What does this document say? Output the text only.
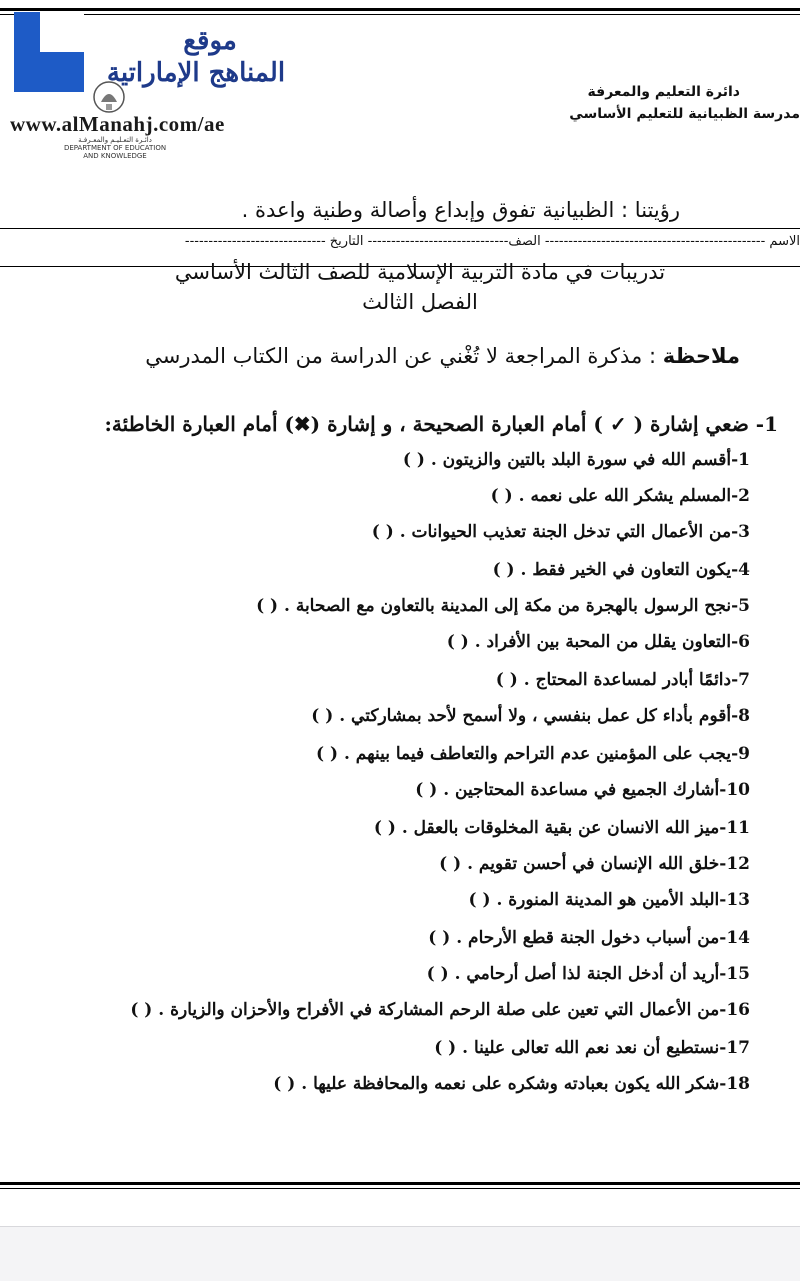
موقع
المناهج الإماراتية
www.alManahj.com/ae
دائـرة التعـليـم والمعـرفـة
DEPARTMENT OF EDUCATION
AND KNOWLEDGE
دائرة التعليم والمعرفة
مدرسة الظبيانية للتعليم الأساسي
رؤيتنا : الظبيانية تفوق وإبداع وأصالة وطنية واعدة .
الاسم ----------------------------------------------- الصف------------------------------ التاريخ ------------------------------
تدريبات في مادة التربية الإسلامية للصف الثالث الأساسي
الفصل الثالث
ملاحظة : مذكرة المراجعة لا تُغْني عن الدراسة من الكتاب المدرسي
1- ضعي إشارة ( ✓ ) أمام العبارة الصحيحة ، و إشارة (✖) أمام العبارة الخاطئة:
1-أقسم الله في سورة البلد بالتين والزيتون . ( )
2-المسلم يشكر الله على نعمه . ( )
3-من الأعمال التي تدخل الجنة تعذيب الحيوانات . ( )
4-يكون التعاون في الخير فقط . ( )
5-نجح الرسول بالهجرة من مكة إلى المدينة بالتعاون مع الصحابة . ( )
6-التعاون يقلل من المحبة بين الأفراد . ( )
7-دائمًا أبادر لمساعدة المحتاج . ( )
8-أقوم بأداء كل عمل بنفسي ، ولا أسمح لأحد بمشاركتي . ( )
9-يجب على المؤمنين عدم التراحم والتعاطف فيما بينهم . ( )
10-أشارك الجميع في مساعدة المحتاجين . ( )
11-ميز الله الانسان عن بقية المخلوقات بالعقل . ( )
12-خلق الله الإنسان في أحسن تقويم . ( )
13-البلد الأمين هو المدينة المنورة . ( )
14-من أسباب دخول الجنة قطع الأرحام . ( )
15-أريد أن أدخل الجنة لذا أصل أرحامي . ( )
16-من الأعمال التي تعين على صلة الرحم المشاركة في الأفراح والأحزان والزيارة . ( )
17-نستطيع أن نعد نعم الله تعالى علينا . ( )
18-شكر الله يكون بعبادته وشكره على نعمه والمحافظة عليها . ( )
